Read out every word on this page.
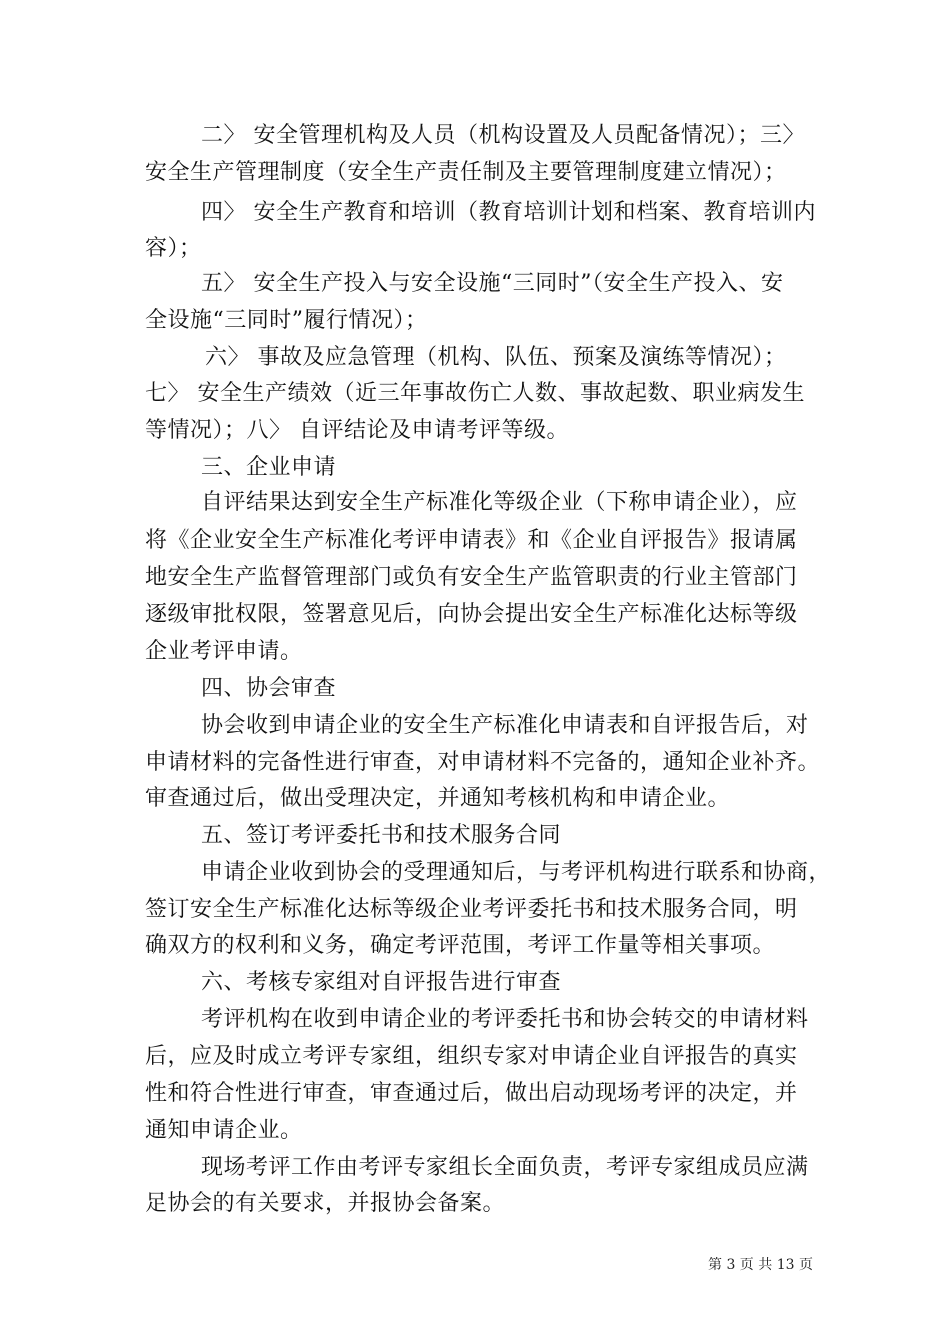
二〉 安全管理机构及人员（机构设置及人员配备情况）；三〉
安全生产管理制度（安全生产责任制及主要管理制度建立情况）；
四〉 安全生产教育和培训（教育培训计划和档案、教育培训内
容）；
五〉 安全生产投入与安全设施“三同时”（安全生产投入、安
全设施“三同时”履行情况）；
六〉 事故及应急管理（机构、队伍、预案及演练等情况）；
七〉 安全生产绩效（近三年事故伤亡人数、事故起数、职业病发生
等情况）；八〉 自评结论及申请考评等级。
三、企业申请
自评结果达到安全生产标准化等级企业（下称申请企业），应
将《企业安全生产标准化考评申请表》和《企业自评报告》报请属
地安全生产监督管理部门或负有安全生产监管职责的行业主管部门
逐级审批权限，签署意见后，向协会提出安全生产标准化达标等级
企业考评申请。
四、协会审查
协会收到申请企业的安全生产标准化申请表和自评报告后，对
申请材料的完备性进行审查，对申请材料不完备的，通知企业补齐。
审查通过后，做出受理决定，并通知考核机构和申请企业。
五、签订考评委托书和技术服务合同
申请企业收到协会的受理通知后，与考评机构进行联系和协商，
签订安全生产标准化达标等级企业考评委托书和技术服务合同，明
确双方的权利和义务，确定考评范围，考评工作量等相关事项。
六、考核专家组对自评报告进行审查
考评机构在收到申请企业的考评委托书和协会转交的申请材料
后，应及时成立考评专家组，组织专家对申请企业自评报告的真实
性和符合性进行审查，审查通过后，做出启动现场考评的决定，并
通知申请企业。
现场考评工作由考评专家组长全面负责，考评专家组成员应满
足协会的有关要求，并报协会备案。
第 3 页 共 13 页
